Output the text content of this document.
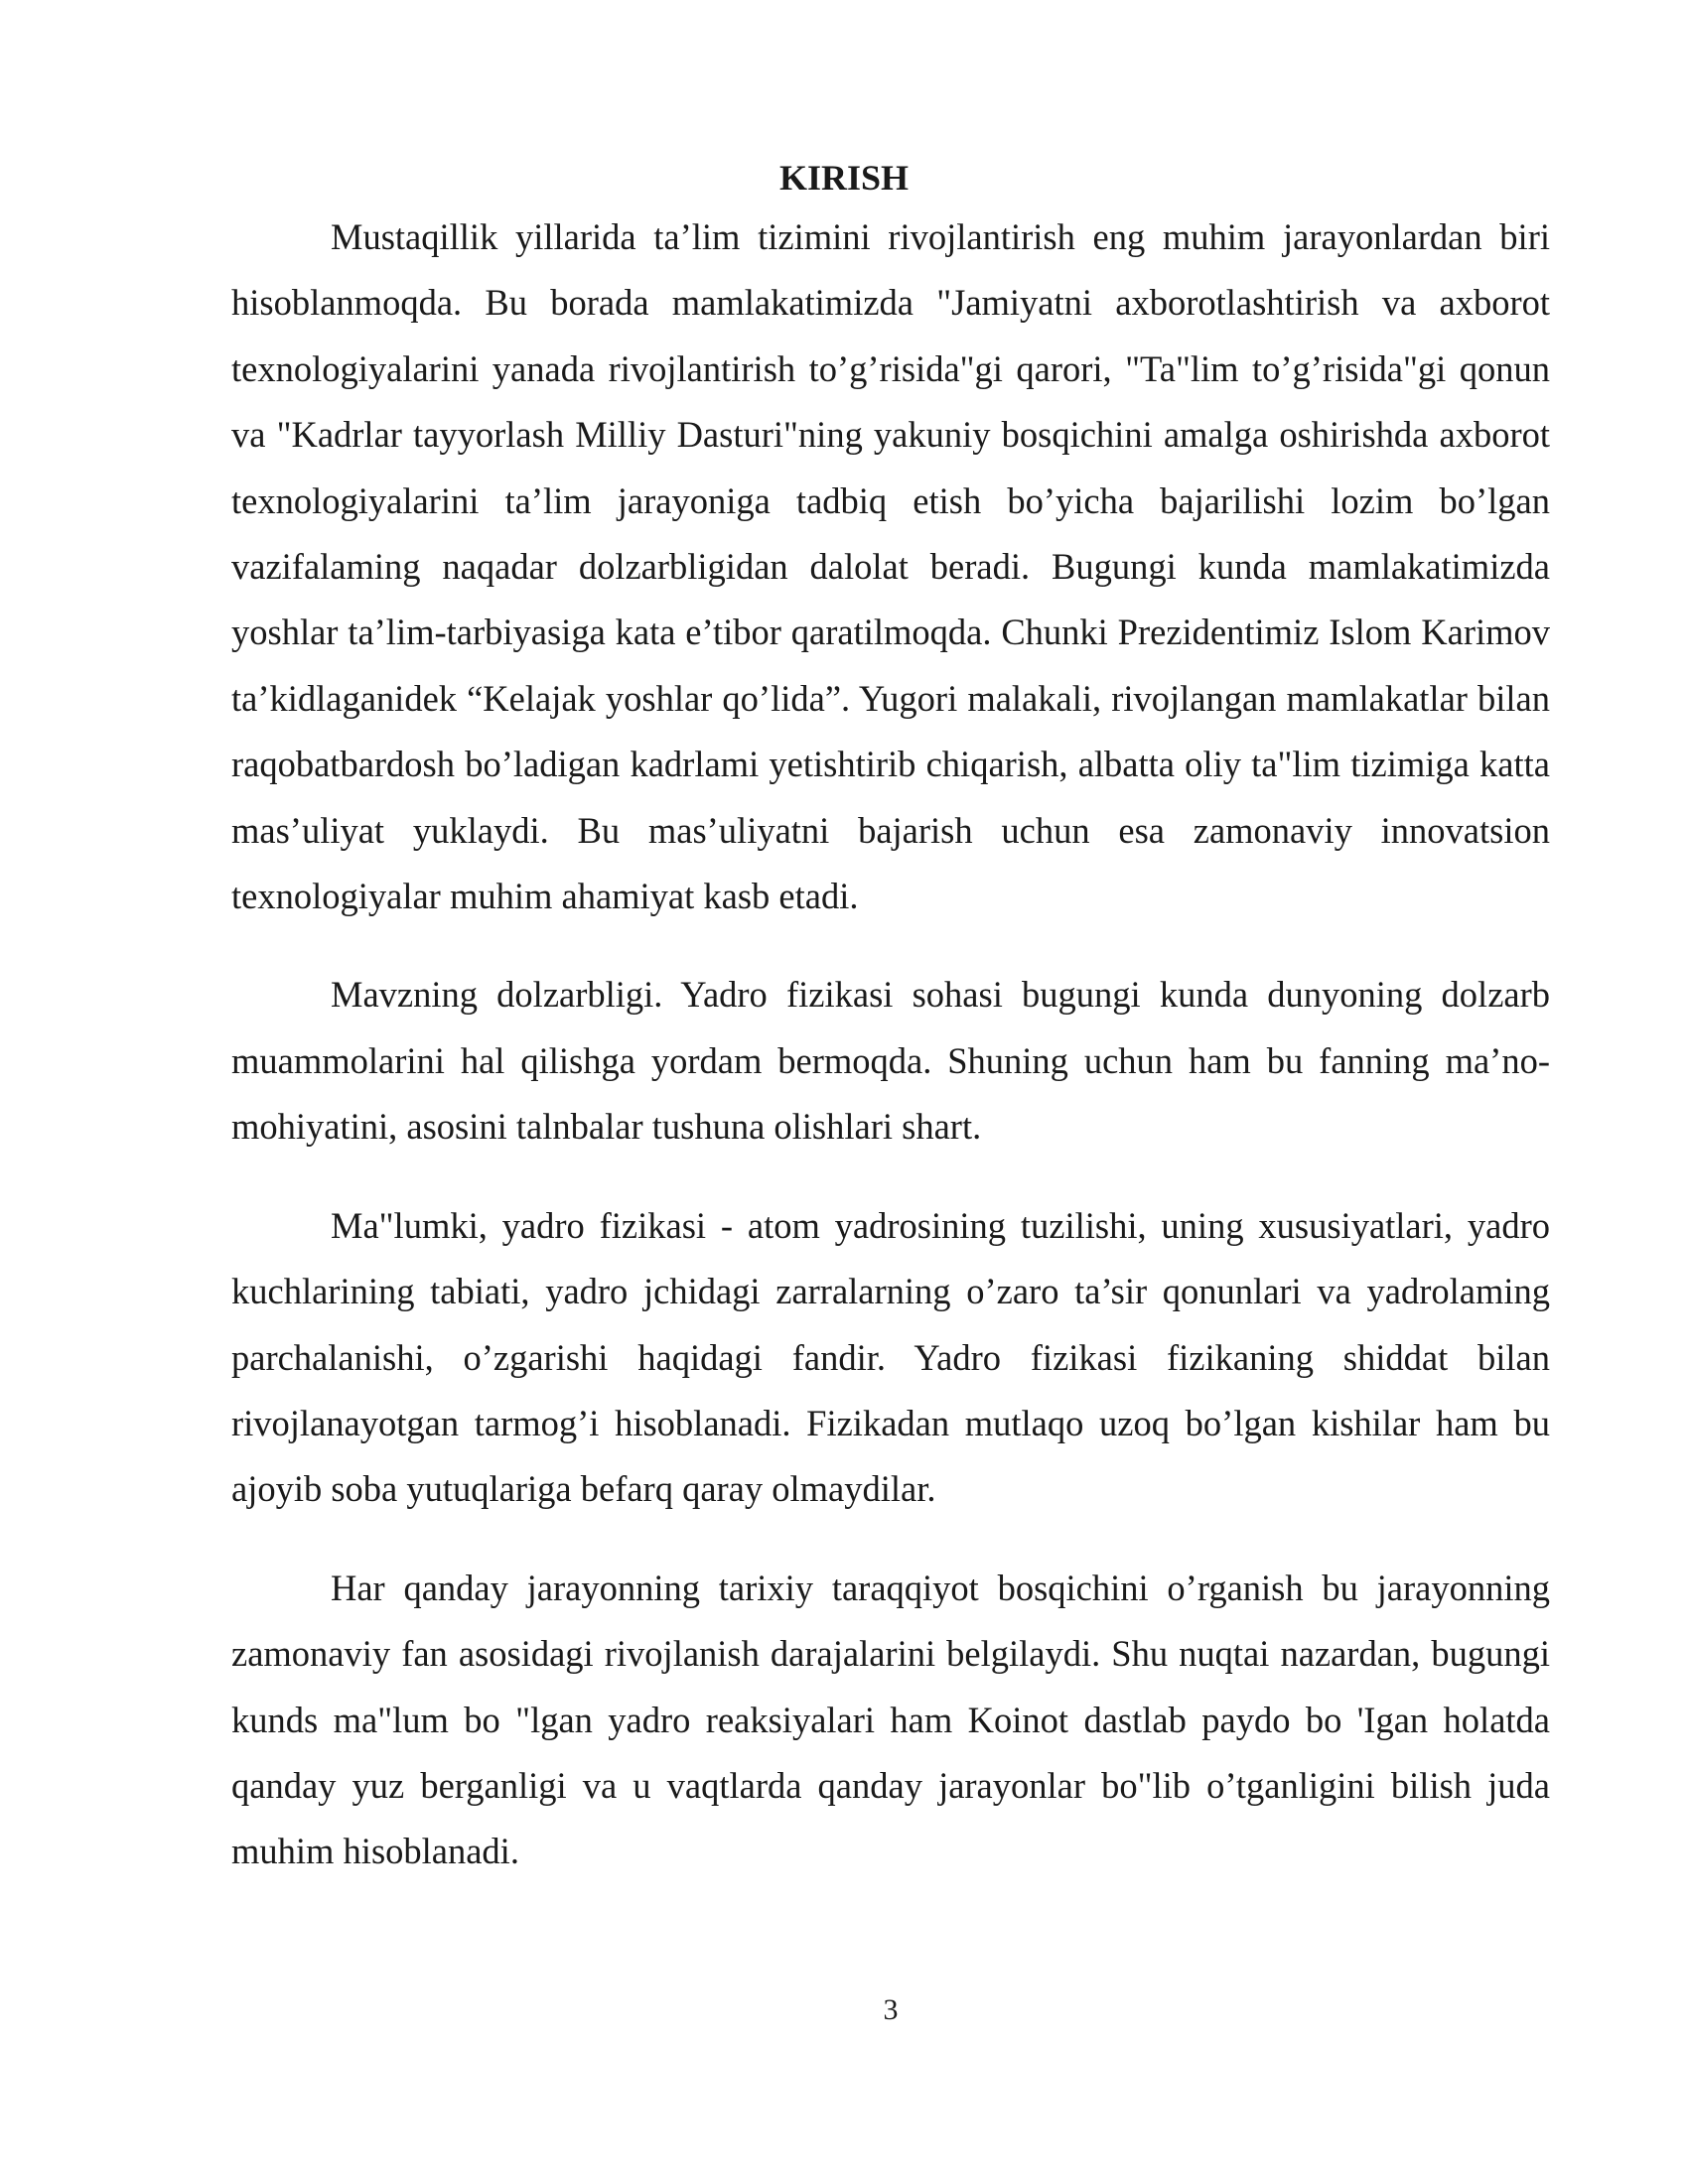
KIRISH

Mustaqillik yillarida ta’lim tizimini rivojlantirish eng muhim jarayonlardan biri hisoblanmoqda. Bu borada mamlakatimizda "Jamiyatni axborotlashtirish va axborot texnologiyalarini yanada rivojlantirish to’g’risida"gi qarori, "Ta"lim to’g’risida"gi qonun va "Kadrlar tayyorlash Milliy Dasturi"ning yakuniy bosqichini amalga oshirishda axborot texnologiyalarini ta’lim jarayoniga tadbiq etish bo’yicha bajarilishi lozim bo’lgan vazifalaming naqadar dolzarbligidan dalolat beradi. Bugungi kunda mamlakatimizda yoshlar ta’lim-tarbiyasiga kata e’tibor qaratilmoqda. Chunki Prezidentimiz Islom Karimov ta’kidlaganidek “Kelajak yoshlar qo’lida”. Yugori malakali, rivojlangan mamlakatlar bilan raqobatbardosh bo’ladigan kadrlami yetishtirib chiqarish, albatta oliy ta"lim tizimiga katta mas’uliyat yuklaydi. Bu mas’uliyatni bajarish uchun esa zamonaviy innovatsion texnologiyalar muhim ahamiyat kasb etadi.

Mavzning dolzarbligi. Yadro fizikasi sohasi bugungi kunda dunyoning dolzarb muammolarini hal qilishga yordam bermoqda. Shuning uchun ham bu fanning ma’no-mohiyatini, asosini talnbalar tushuna olishlari shart.

Ma"lumki, yadro fizikasi - atom yadrosining tuzilishi, uning xususiyatlari, yadro kuchlarining tabiati, yadro jchidagi zarralarning o’zaro ta’sir qonunlari va yadrolaming parchalanishi, o’zgarishi haqidagi fandir. Yadro fizikasi fizikaning shiddat bilan rivojlanayotgan tarmog’i hisoblanadi. Fizikadan mutlaqo uzoq bo’lgan kishilar ham bu ajoyib soba yutuqlariga befarq qaray olmaydilar.

Har qanday jarayonning tarixiy taraqqiyot bosqichini o’rganish bu jarayonning zamonaviy fan asosidagi rivojlanish darajalarini belgilaydi. Shu nuqtai nazardan, bugungi kunds ma"lum bo "lgan yadro reaksiyalari ham Koinot dastlab paydo bo 'Igan holatda qanday yuz berganligi va u vaqtlarda qanday jarayonlar bo"lib o’tganligini bilish juda muhim hisoblanadi.

3
